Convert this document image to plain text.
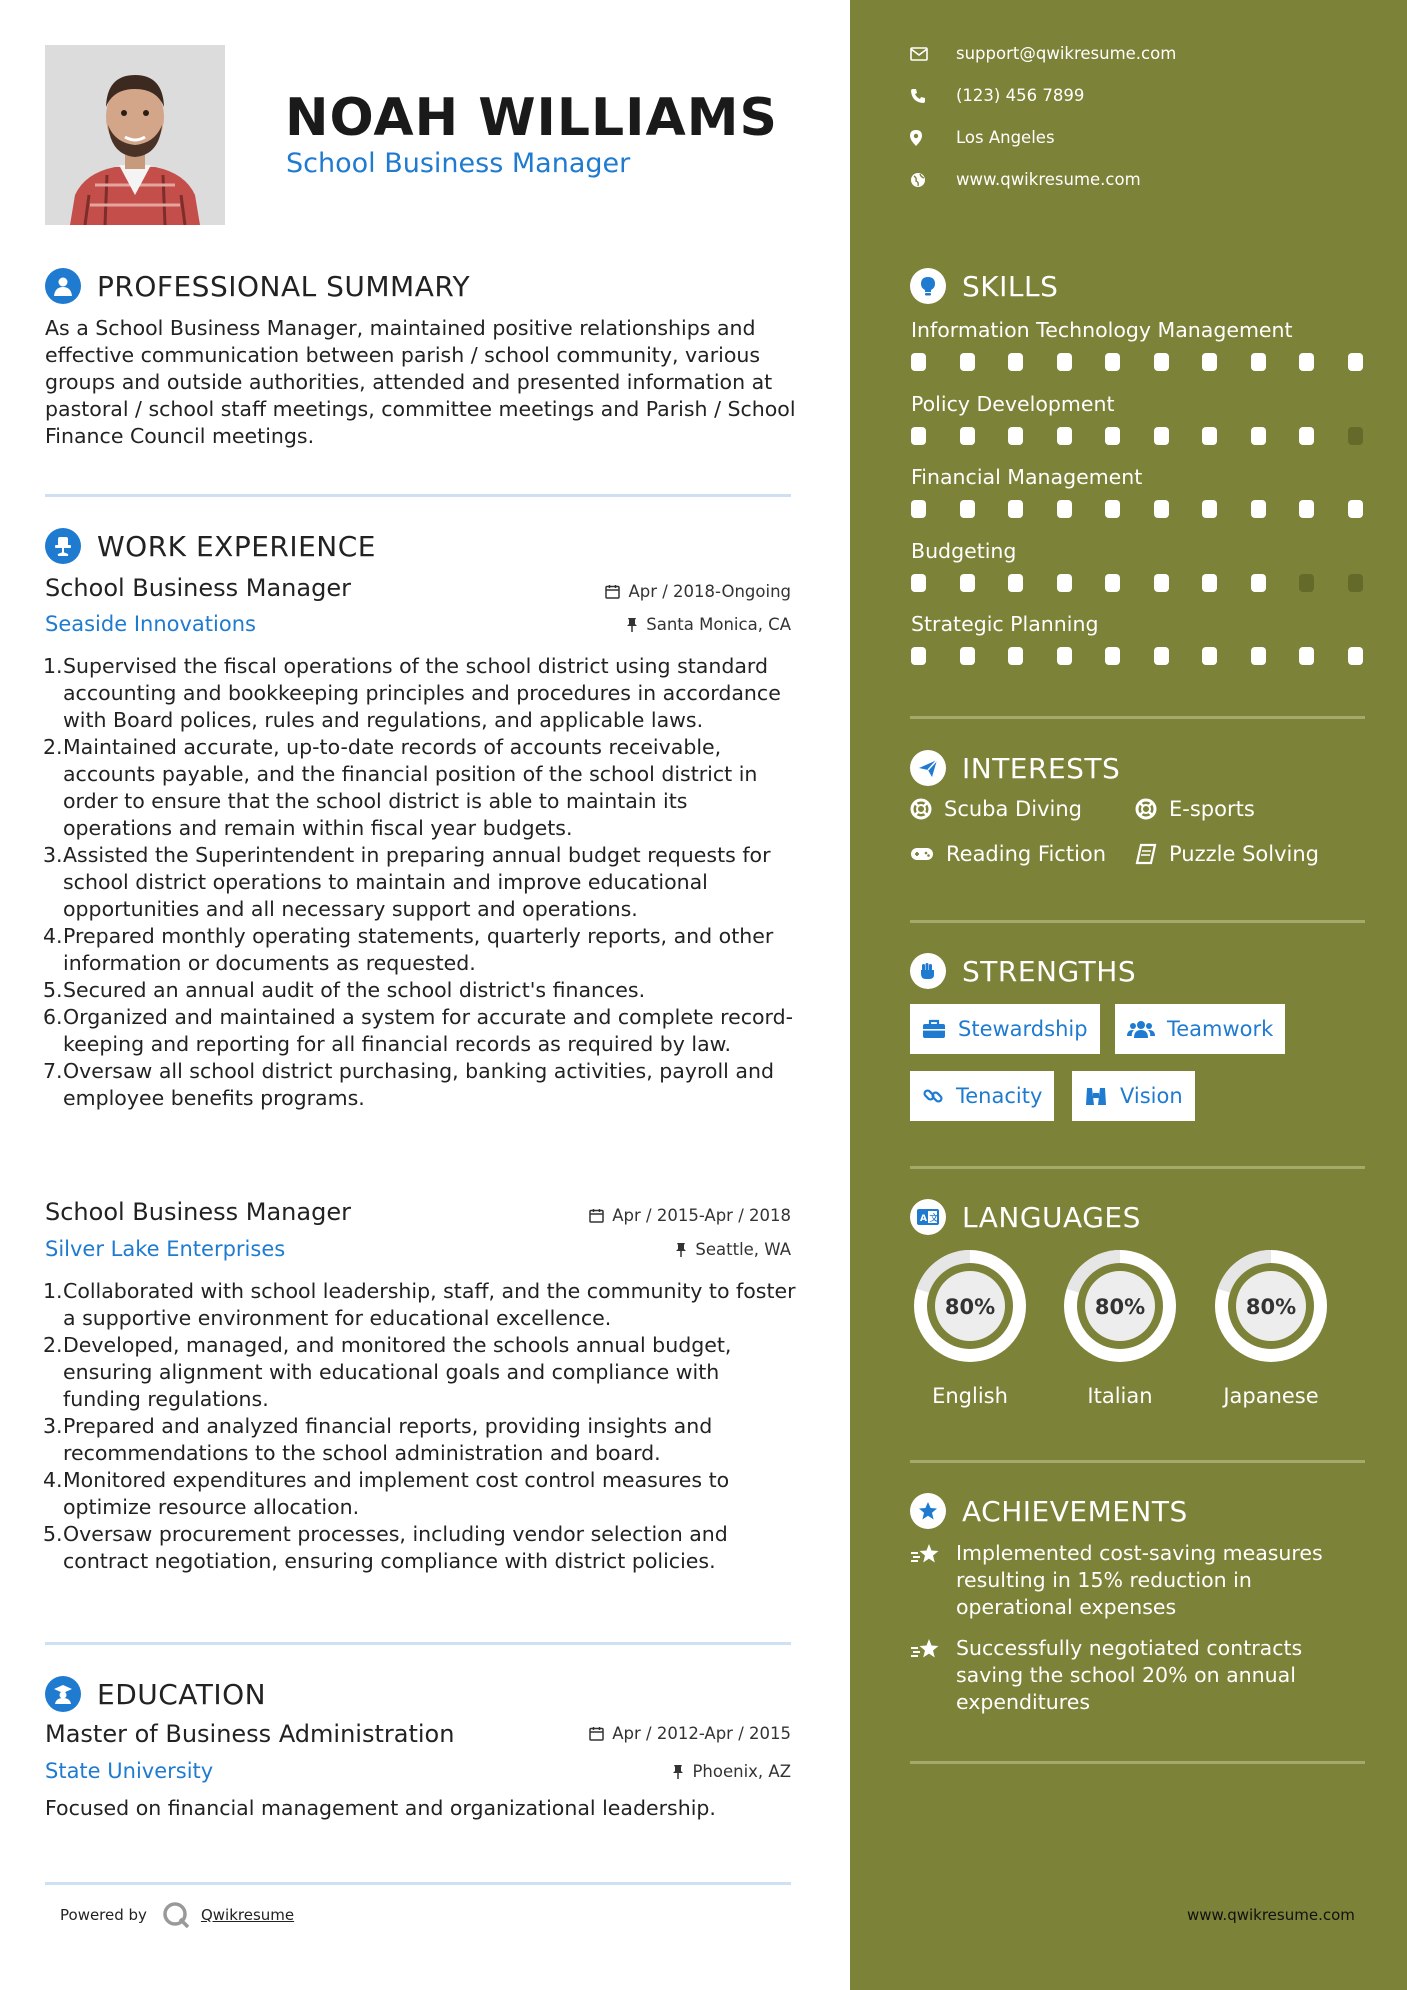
NOAH WILLIAMS
School Business Manager
PROFESSIONAL SUMMARY
As a School Business Manager, maintained positive relationships and effective communication between parish / school community, various groups and outside authorities, attended and presented information at pastoral / school staff meetings, committee meetings and Parish / School Finance Council meetings.
WORK EXPERIENCE
School Business Manager	Apr / 2018-Ongoing
Seaside Innovations	Santa Monica, CA
Supervised the fiscal operations of the school district using standard accounting and bookkeeping principles and procedures in accordance with Board polices, rules and regulations, and applicable laws.
Maintained accurate, up-to-date records of accounts receivable, accounts payable, and the financial position of the school district in order to ensure that the school district is able to maintain its operations and remain within fiscal year budgets.
Assisted the Superintendent in preparing annual budget requests for school district operations to maintain and improve educational opportunities and all necessary support and operations.
Prepared monthly operating statements, quarterly reports, and other information or documents as requested.
Secured an annual audit of the school district's finances.
Organized and maintained a system for accurate and complete record-keeping and reporting for all financial records as required by law.
Oversaw all school district purchasing, banking activities, payroll and employee benefits programs.
School Business Manager	Apr / 2015-Apr / 2018
Silver Lake Enterprises	Seattle, WA
Collaborated with school leadership, staff, and the community to foster a supportive environment for educational excellence.
Developed, managed, and monitored the schools annual budget, ensuring alignment with educational goals and compliance with funding regulations.
Prepared and analyzed financial reports, providing insights and recommendations to the school administration and board.
Monitored expenditures and implement cost control measures to optimize resource allocation.
Oversaw procurement processes, including vendor selection and contract negotiation, ensuring compliance with district policies.
EDUCATION
Master of Business Administration	Apr / 2012-Apr / 2015
State University	Phoenix, AZ
Focused on financial management and organizational leadership.
Powered by	Qwikresume
support@qwikresume.com
(123) 456 7899
Los Angeles
www.qwikresume.com
SKILLS
Information Technology Management
Policy Development
Financial Management
Budgeting
Strategic Planning
INTERESTS
Scuba Diving	E-sports
Reading Fiction	Puzzle Solving
STRENGTHS
Stewardship	Teamwork
Tenacity	Vision
A 文 LANGUAGES
80%
English
80%
Italian
80%
Japanese
ACHIEVEMENTS
Implemented cost-saving measures resulting in 15% reduction in operational expenses
Successfully negotiated contracts saving the school 20% on annual expenditures
www.qwikresume.com
